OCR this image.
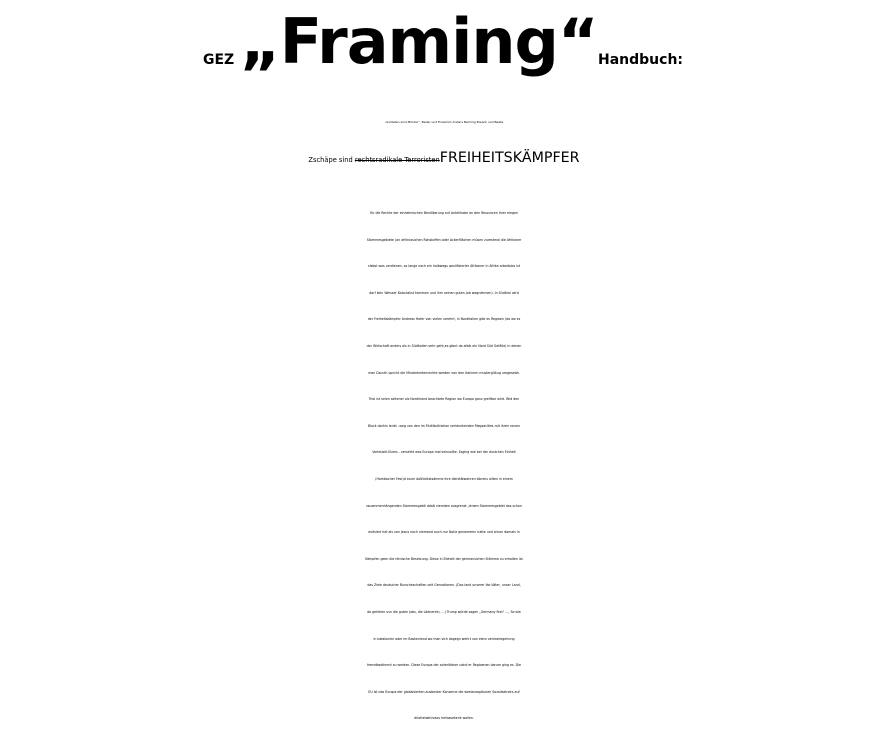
GEZ „Framing“ Handbuch:
„Soldaten sind Mörder“. Bader und Ensslinm Anders Behring Breivik und Beate
Zschäpe sind rechtsradikale TerroristenFREIHEITSKÄMPFER
für die Rechte der einheimischen Bevölkerung auf Anteilhabe an den Resourcen ihrer eiegen
Stammesgebiete (an afriknasichen Rohstoffen oder Ackerfllächen müsen zurestmal die Afrikaner
slebst was verdienen, so lange noch ein halbwegs qaulifizierter Afrikaner in Afrika arbeitslos ist
darf kein Weisser Kolonialist kommen und ihm seinen guten Job wegnehmen). In Südtirol wird
der Freiheitskämpfer Andreas Hofer von vielen verehrt, in Norditalien gibt es Regioen (da wo es
der Wirtschaft anders als in Süditalien sehr geht,es gibnt da afaik ein Nord Süd Gefälle) in denen
man Dsucth spricht die Minderheitenrechte werden von den Italinern mustergültug umgesetzt.
Triol ist neien seltener als Nordirland beachtete Region wo Europa ganz greifbar wird. Wrd den
Block dorhin lenkt –weg von den im Multikultiwhan veridnekenden Megsacities mit ihren neuen
Vortstadt-Slums - versetht was Europa mal seinsollte. Esging wie bei der dustchen Einheit
(Hambacher Fest)d arum daßVolkstsämme ihre dienitätwahren könens ollten in einem
zsuammenhängenden Stammesgebit ddaß niemden ausgrenzt. Jenem Stammesgebiet das schon
exitsiert hat als von Jesus noch niemand auch nur Notiz genomemn hatte und shcon damals in
Kämpfen geen die römische Besetzung. Diese in Eibheit der germansichen Stämme zu erhalten ist
das Ziele deutscher Burscheschaften seit Genrationen. (Das land unserer Vor-Väter, unser Land,
da gehören usn die guten Jobs, die Lädnerein, ...) Trump würde sagen „Germany first“ ..., So wie
in katalonien oder im Baskenland wo man sich dagegn wehrt von eienr zentralregeirung
fremdbestimmt zu werden. Diese Europa der avterlädner udnd er Regioenen darum ging es. Die
EU ist das Europa der globalsierten ausbeuter Konzerne die westeuropäscieh Sozailsatndrs auf
driottelwtniveau herbasekenk wollen.
